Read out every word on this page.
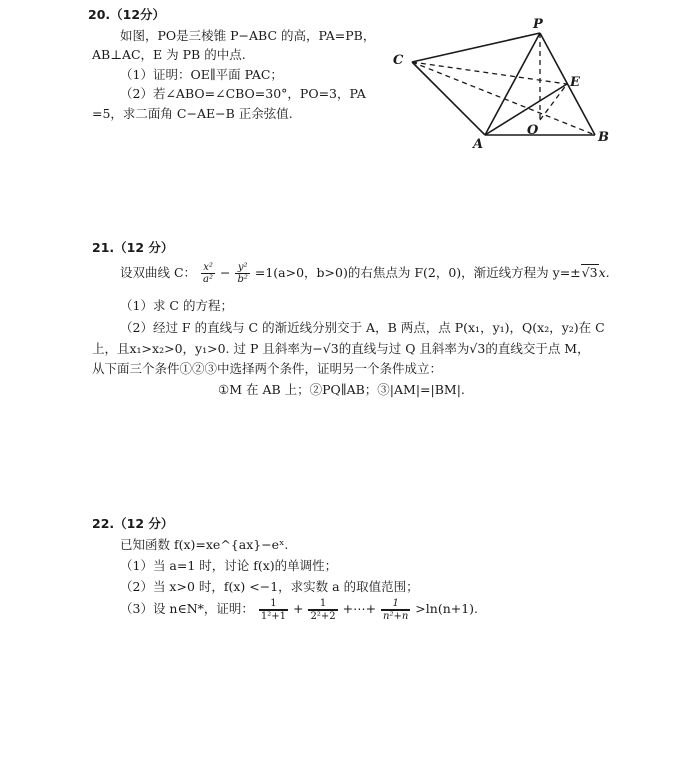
20.（12分）
如图，PO是三棱锥 P−ABC 的高，PA=PB，
AB⊥AC，E 为 PB 的中点.
（1）证明：OE∥平面 PAC；
（2）若∠ABO=∠CBO=30°，PO=3，PA
=5，求二面角 C−AE−B 正余弦值.
P
C
E
O
A	B
21.（12 分）
设双曲线 C： $\frac{\text{x²}}{\text{a²}} - \frac{\text{y²}}{\text{b²}} =1(a>0$，b>0)的右焦点为 F(2，0)，渐近线方程为 y=±√3x.
（1）求 C 的方程；
（2）经过 F 的直线与 C 的渐近线分别交于 A，B 两点，点 P(x₁，y₁)，Q(x₂，y₂)在 C
上，且x₁>x₂>0，y₁>0. 过 P 且斜率为−√3的直线与过 Q 且斜率为√3的直线交于点 M，
从下面三个条件①②③中选择两个条件，证明另一个条件成立：
①M 在 AB 上；②PQ∥AB；③|AM|=|BM|.
22.（12 分）
已知函数 f(x)=xe^{ax}−eˣ.
（1）当 a=1 时，讨论 f(x)的单调性；
（2）当 x>0 时，f(x) <−1，求实数 a 的取值范围；
（3）设 n∈N*，证明： $\frac{1}{\text{1²+1}} + \frac{1}{\text{2²+2}}$ +⋯+ $\frac{1}{\text{n²+n}} >\ln(n+1)$.
